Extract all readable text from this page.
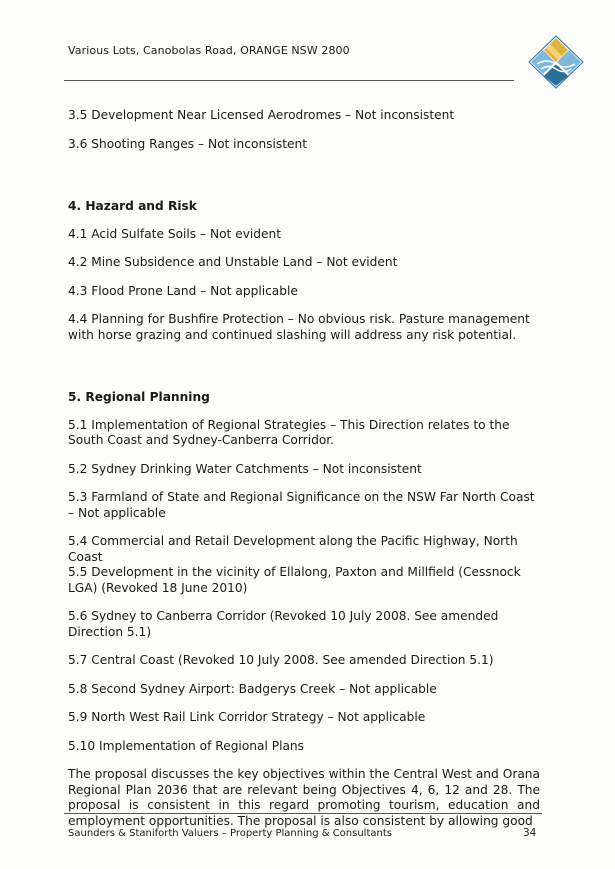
Various Lots, Canobolas Road, ORANGE NSW 2800

3.5 Development Near Licensed Aerodromes – Not inconsistent

3.6 Shooting Ranges – Not inconsistent

4. Hazard and Risk

4.1 Acid Sulfate Soils – Not evident

4.2 Mine Subsidence and Unstable Land – Not evident

4.3 Flood Prone Land – Not applicable

4.4 Planning for Bushfire Protection – No obvious risk. Pasture management with horse grazing and continued slashing will address any risk potential.

5. Regional Planning

5.1 Implementation of Regional Strategies – This Direction relates to the South Coast and Sydney-Canberra Corridor.

5.2 Sydney Drinking Water Catchments – Not inconsistent

5.3 Farmland of State and Regional Significance on the NSW Far North Coast – Not applicable

5.4 Commercial and Retail Development along the Pacific Highway, North Coast

5.5 Development in the vicinity of Ellalong, Paxton and Millfield (Cessnock LGA) (Revoked 18 June 2010)

5.6 Sydney to Canberra Corridor (Revoked 10 July 2008. See amended Direction 5.1)

5.7 Central Coast (Revoked 10 July 2008. See amended Direction 5.1)

5.8 Second Sydney Airport: Badgerys Creek – Not applicable

5.9 North West Rail Link Corridor Strategy – Not applicable

5.10 Implementation of Regional Plans

The proposal discusses the key objectives within the Central West and Orana Regional Plan 2036 that are relevant being Objectives 4, 6, 12 and 28. The proposal is consistent in this regard promoting tourism, education and employment opportunities. The proposal is also consistent by allowing good

Saunders & Staniforth Valuers – Property Planning & Consultants	34
